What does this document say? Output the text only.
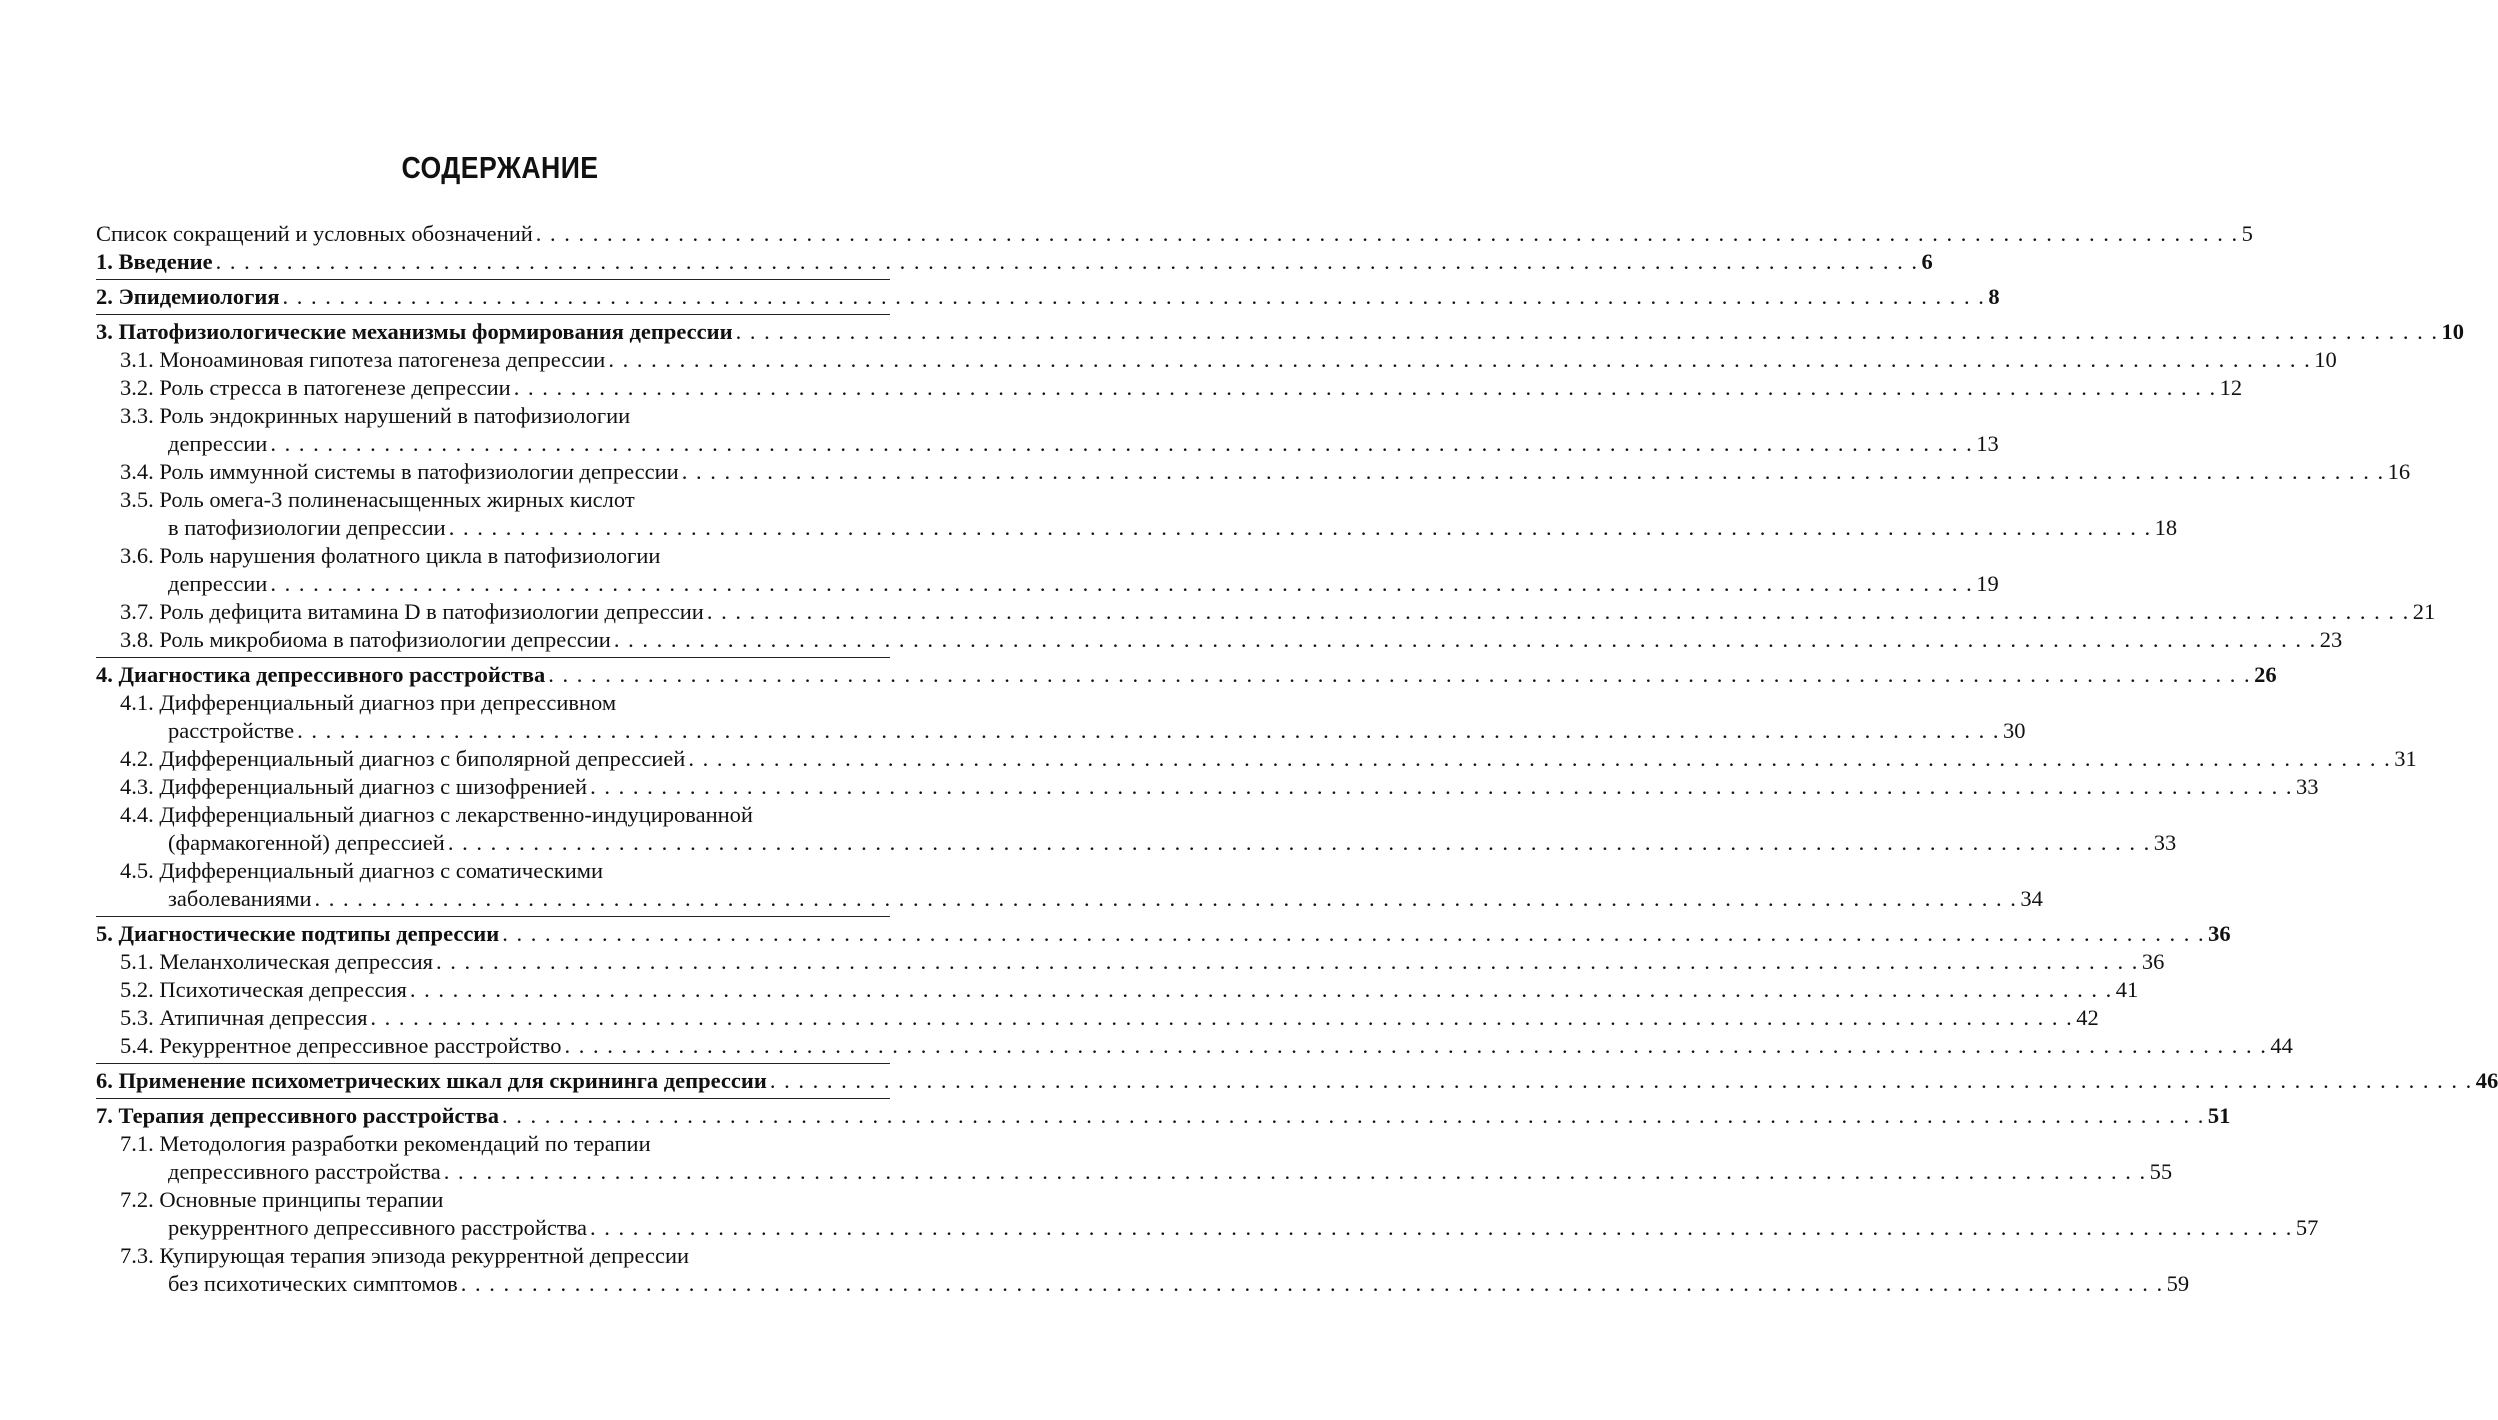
СОДЕРЖАНИЕ
Список сокращений и условных обозначений . . . . . . . . . . . . . . . . . . . . . . . . . . . . . . . . . . . . . . . . . . . . . . . . . . . . . . . . . . . . . . . . . . . . . . . . . . . . . . . . . . . . . . . . . . . . . . . . . . . . . . . . . . . . . . . . . . . . . . . . 5
1. Введение . . . . . . . . . . . . . . . . . . . . . . . . . . . . . . . . . . . . . . . . . . . . . . . . . . . . . . . . . . . . . . . . . . . . . . . . . . . . . . . . . . . . . . . . . . . . . . . . . . . . . . . . . . . . . . . . . . . . . . . . 6
2. Эпидемиология . . . . . . . . . . . . . . . . . . . . . . . . . . . . . . . . . . . . . . . . . . . . . . . . . . . . . . . . . . . . . . . . . . . . . . . . . . . . . . . . . . . . . . . . . . . . . . . . . . . . . . . . . . . . . . . . . . . . . . . . 8
3. Патофизиологические механизмы формирования депрессии . . . . . . . . . . . . . . . . . . . . . . . . . . . . . . . . . . . . . . . . . . . . . . . . . . . . . . . . . . . . . . . . . . . . . . . . . . . . . . . . . . . . . . . . . . . . . . . . . . . . . . . . . . . . . . . . . . . . . . . . 10
3.1. Моноаминовая гипотеза патогенеза депрессии . . . . . . . . . . . . . . . . . . . . . . . . . . . . . . . . . . . . . . . . . . . . . . . . . . . . . . . . . . . . . . . . . . . . . . . . . . . . . . . . . . . . . . . . . . . . . . . . . . . . . . . . . . . . . . . . . . . . . . . . 10
3.2. Роль стресса в патогенезе депрессии . . . . . . . . . . . . . . . . . . . . . . . . . . . . . . . . . . . . . . . . . . . . . . . . . . . . . . . . . . . . . . . . . . . . . . . . . . . . . . . . . . . . . . . . . . . . . . . . . . . . . . . . . . . . . . . . . . . . . . . . 12
3.3. Роль эндокринных нарушений в патофизиологии
депрессии . . . . . . . . . . . . . . . . . . . . . . . . . . . . . . . . . . . . . . . . . . . . . . . . . . . . . . . . . . . . . . . . . . . . . . . . . . . . . . . . . . . . . . . . . . . . . . . . . . . . . . . . . . . . . . . . . . . . . . . . 13
3.4. Роль иммунной системы в патофизиологии депрессии . . . . . . . . . . . . . . . . . . . . . . . . . . . . . . . . . . . . . . . . . . . . . . . . . . . . . . . . . . . . . . . . . . . . . . . . . . . . . . . . . . . . . . . . . . . . . . . . . . . . . . . . . . . . . . . . . . . . . . . . 16
3.5. Роль омега-3 полиненасыщенных жирных кислот
в патофизиологии депрессии . . . . . . . . . . . . . . . . . . . . . . . . . . . . . . . . . . . . . . . . . . . . . . . . . . . . . . . . . . . . . . . . . . . . . . . . . . . . . . . . . . . . . . . . . . . . . . . . . . . . . . . . . . . . . . . . . . . . . . . . 18
3.6. Роль нарушения фолатного цикла в патофизиологии
депрессии . . . . . . . . . . . . . . . . . . . . . . . . . . . . . . . . . . . . . . . . . . . . . . . . . . . . . . . . . . . . . . . . . . . . . . . . . . . . . . . . . . . . . . . . . . . . . . . . . . . . . . . . . . . . . . . . . . . . . . . . 19
3.7. Роль дефицита витамина D в патофизиологии депрессии . . . . . . . . . . . . . . . . . . . . . . . . . . . . . . . . . . . . . . . . . . . . . . . . . . . . . . . . . . . . . . . . . . . . . . . . . . . . . . . . . . . . . . . . . . . . . . . . . . . . . . . . . . . . . . . . . . . . . . . . 21
3.8. Роль микробиома в патофизиологии депрессии . . . . . . . . . . . . . . . . . . . . . . . . . . . . . . . . . . . . . . . . . . . . . . . . . . . . . . . . . . . . . . . . . . . . . . . . . . . . . . . . . . . . . . . . . . . . . . . . . . . . . . . . . . . . . . . . . . . . . . . . 23
4. Диагностика депрессивного расстройства . . . . . . . . . . . . . . . . . . . . . . . . . . . . . . . . . . . . . . . . . . . . . . . . . . . . . . . . . . . . . . . . . . . . . . . . . . . . . . . . . . . . . . . . . . . . . . . . . . . . . . . . . . . . . . . . . . . . . . . . 26
4.1. Дифференциальный диагноз при депрессивном
расстройстве . . . . . . . . . . . . . . . . . . . . . . . . . . . . . . . . . . . . . . . . . . . . . . . . . . . . . . . . . . . . . . . . . . . . . . . . . . . . . . . . . . . . . . . . . . . . . . . . . . . . . . . . . . . . . . . . . . . . . . . . 30
4.2. Дифференциальный диагноз с биполярной депрессией . . . . . . . . . . . . . . . . . . . . . . . . . . . . . . . . . . . . . . . . . . . . . . . . . . . . . . . . . . . . . . . . . . . . . . . . . . . . . . . . . . . . . . . . . . . . . . . . . . . . . . . . . . . . . . . . . . . . . . . . 31
4.3. Дифференциальный диагноз с шизофренией . . . . . . . . . . . . . . . . . . . . . . . . . . . . . . . . . . . . . . . . . . . . . . . . . . . . . . . . . . . . . . . . . . . . . . . . . . . . . . . . . . . . . . . . . . . . . . . . . . . . . . . . . . . . . . . . . . . . . . . . 33
4.4. Дифференциальный диагноз с лекарственно-индуцированной
(фармакогенной) депрессией . . . . . . . . . . . . . . . . . . . . . . . . . . . . . . . . . . . . . . . . . . . . . . . . . . . . . . . . . . . . . . . . . . . . . . . . . . . . . . . . . . . . . . . . . . . . . . . . . . . . . . . . . . . . . . . . . . . . . . . . 33
4.5. Дифференциальный диагноз с соматическими
заболеваниями . . . . . . . . . . . . . . . . . . . . . . . . . . . . . . . . . . . . . . . . . . . . . . . . . . . . . . . . . . . . . . . . . . . . . . . . . . . . . . . . . . . . . . . . . . . . . . . . . . . . . . . . . . . . . . . . . . . . . . . . 34
5. Диагностические подтипы депрессии . . . . . . . . . . . . . . . . . . . . . . . . . . . . . . . . . . . . . . . . . . . . . . . . . . . . . . . . . . . . . . . . . . . . . . . . . . . . . . . . . . . . . . . . . . . . . . . . . . . . . . . . . . . . . . . . . . . . . . . . 36
5.1. Меланхолическая депрессия . . . . . . . . . . . . . . . . . . . . . . . . . . . . . . . . . . . . . . . . . . . . . . . . . . . . . . . . . . . . . . . . . . . . . . . . . . . . . . . . . . . . . . . . . . . . . . . . . . . . . . . . . . . . . . . . . . . . . . . . 36
5.2. Психотическая депрессия . . . . . . . . . . . . . . . . . . . . . . . . . . . . . . . . . . . . . . . . . . . . . . . . . . . . . . . . . . . . . . . . . . . . . . . . . . . . . . . . . . . . . . . . . . . . . . . . . . . . . . . . . . . . . . . . . . . . . . . . 41
5.3. Атипичная депрессия . . . . . . . . . . . . . . . . . . . . . . . . . . . . . . . . . . . . . . . . . . . . . . . . . . . . . . . . . . . . . . . . . . . . . . . . . . . . . . . . . . . . . . . . . . . . . . . . . . . . . . . . . . . . . . . . . . . . . . . . 42
5.4. Рекуррентное депрессивное расстройство . . . . . . . . . . . . . . . . . . . . . . . . . . . . . . . . . . . . . . . . . . . . . . . . . . . . . . . . . . . . . . . . . . . . . . . . . . . . . . . . . . . . . . . . . . . . . . . . . . . . . . . . . . . . . . . . . . . . . . . . 44
6. Применение психометрических шкал для скрининга депрессии . . . . . . . . . . . . . . . . . . . . . . . . . . . . . . . . . . . . . . . . . . . . . . . . . . . . . . . . . . . . . . . . . . . . . . . . . . . . . . . . . . . . . . . . . . . . . . . . . . . . . . . . . . . . . . . . . . . . . . . . 46
7. Терапия депрессивного расстройства . . . . . . . . . . . . . . . . . . . . . . . . . . . . . . . . . . . . . . . . . . . . . . . . . . . . . . . . . . . . . . . . . . . . . . . . . . . . . . . . . . . . . . . . . . . . . . . . . . . . . . . . . . . . . . . . . . . . . . . . 51
7.1. Методология разработки рекомендаций по терапии
депрессивного расстройства . . . . . . . . . . . . . . . . . . . . . . . . . . . . . . . . . . . . . . . . . . . . . . . . . . . . . . . . . . . . . . . . . . . . . . . . . . . . . . . . . . . . . . . . . . . . . . . . . . . . . . . . . . . . . . . . . . . . . . . . 55
7.2. Основные принципы терапии
рекуррентного депрессивного расстройства . . . . . . . . . . . . . . . . . . . . . . . . . . . . . . . . . . . . . . . . . . . . . . . . . . . . . . . . . . . . . . . . . . . . . . . . . . . . . . . . . . . . . . . . . . . . . . . . . . . . . . . . . . . . . . . . . . . . . . . . 57
7.3. Купирующая терапия эпизода рекуррентной депрессии
без психотических симптомов . . . . . . . . . . . . . . . . . . . . . . . . . . . . . . . . . . . . . . . . . . . . . . . . . . . . . . . . . . . . . . . . . . . . . . . . . . . . . . . . . . . . . . . . . . . . . . . . . . . . . . . . . . . . . . . . . . . . . . . . 59
